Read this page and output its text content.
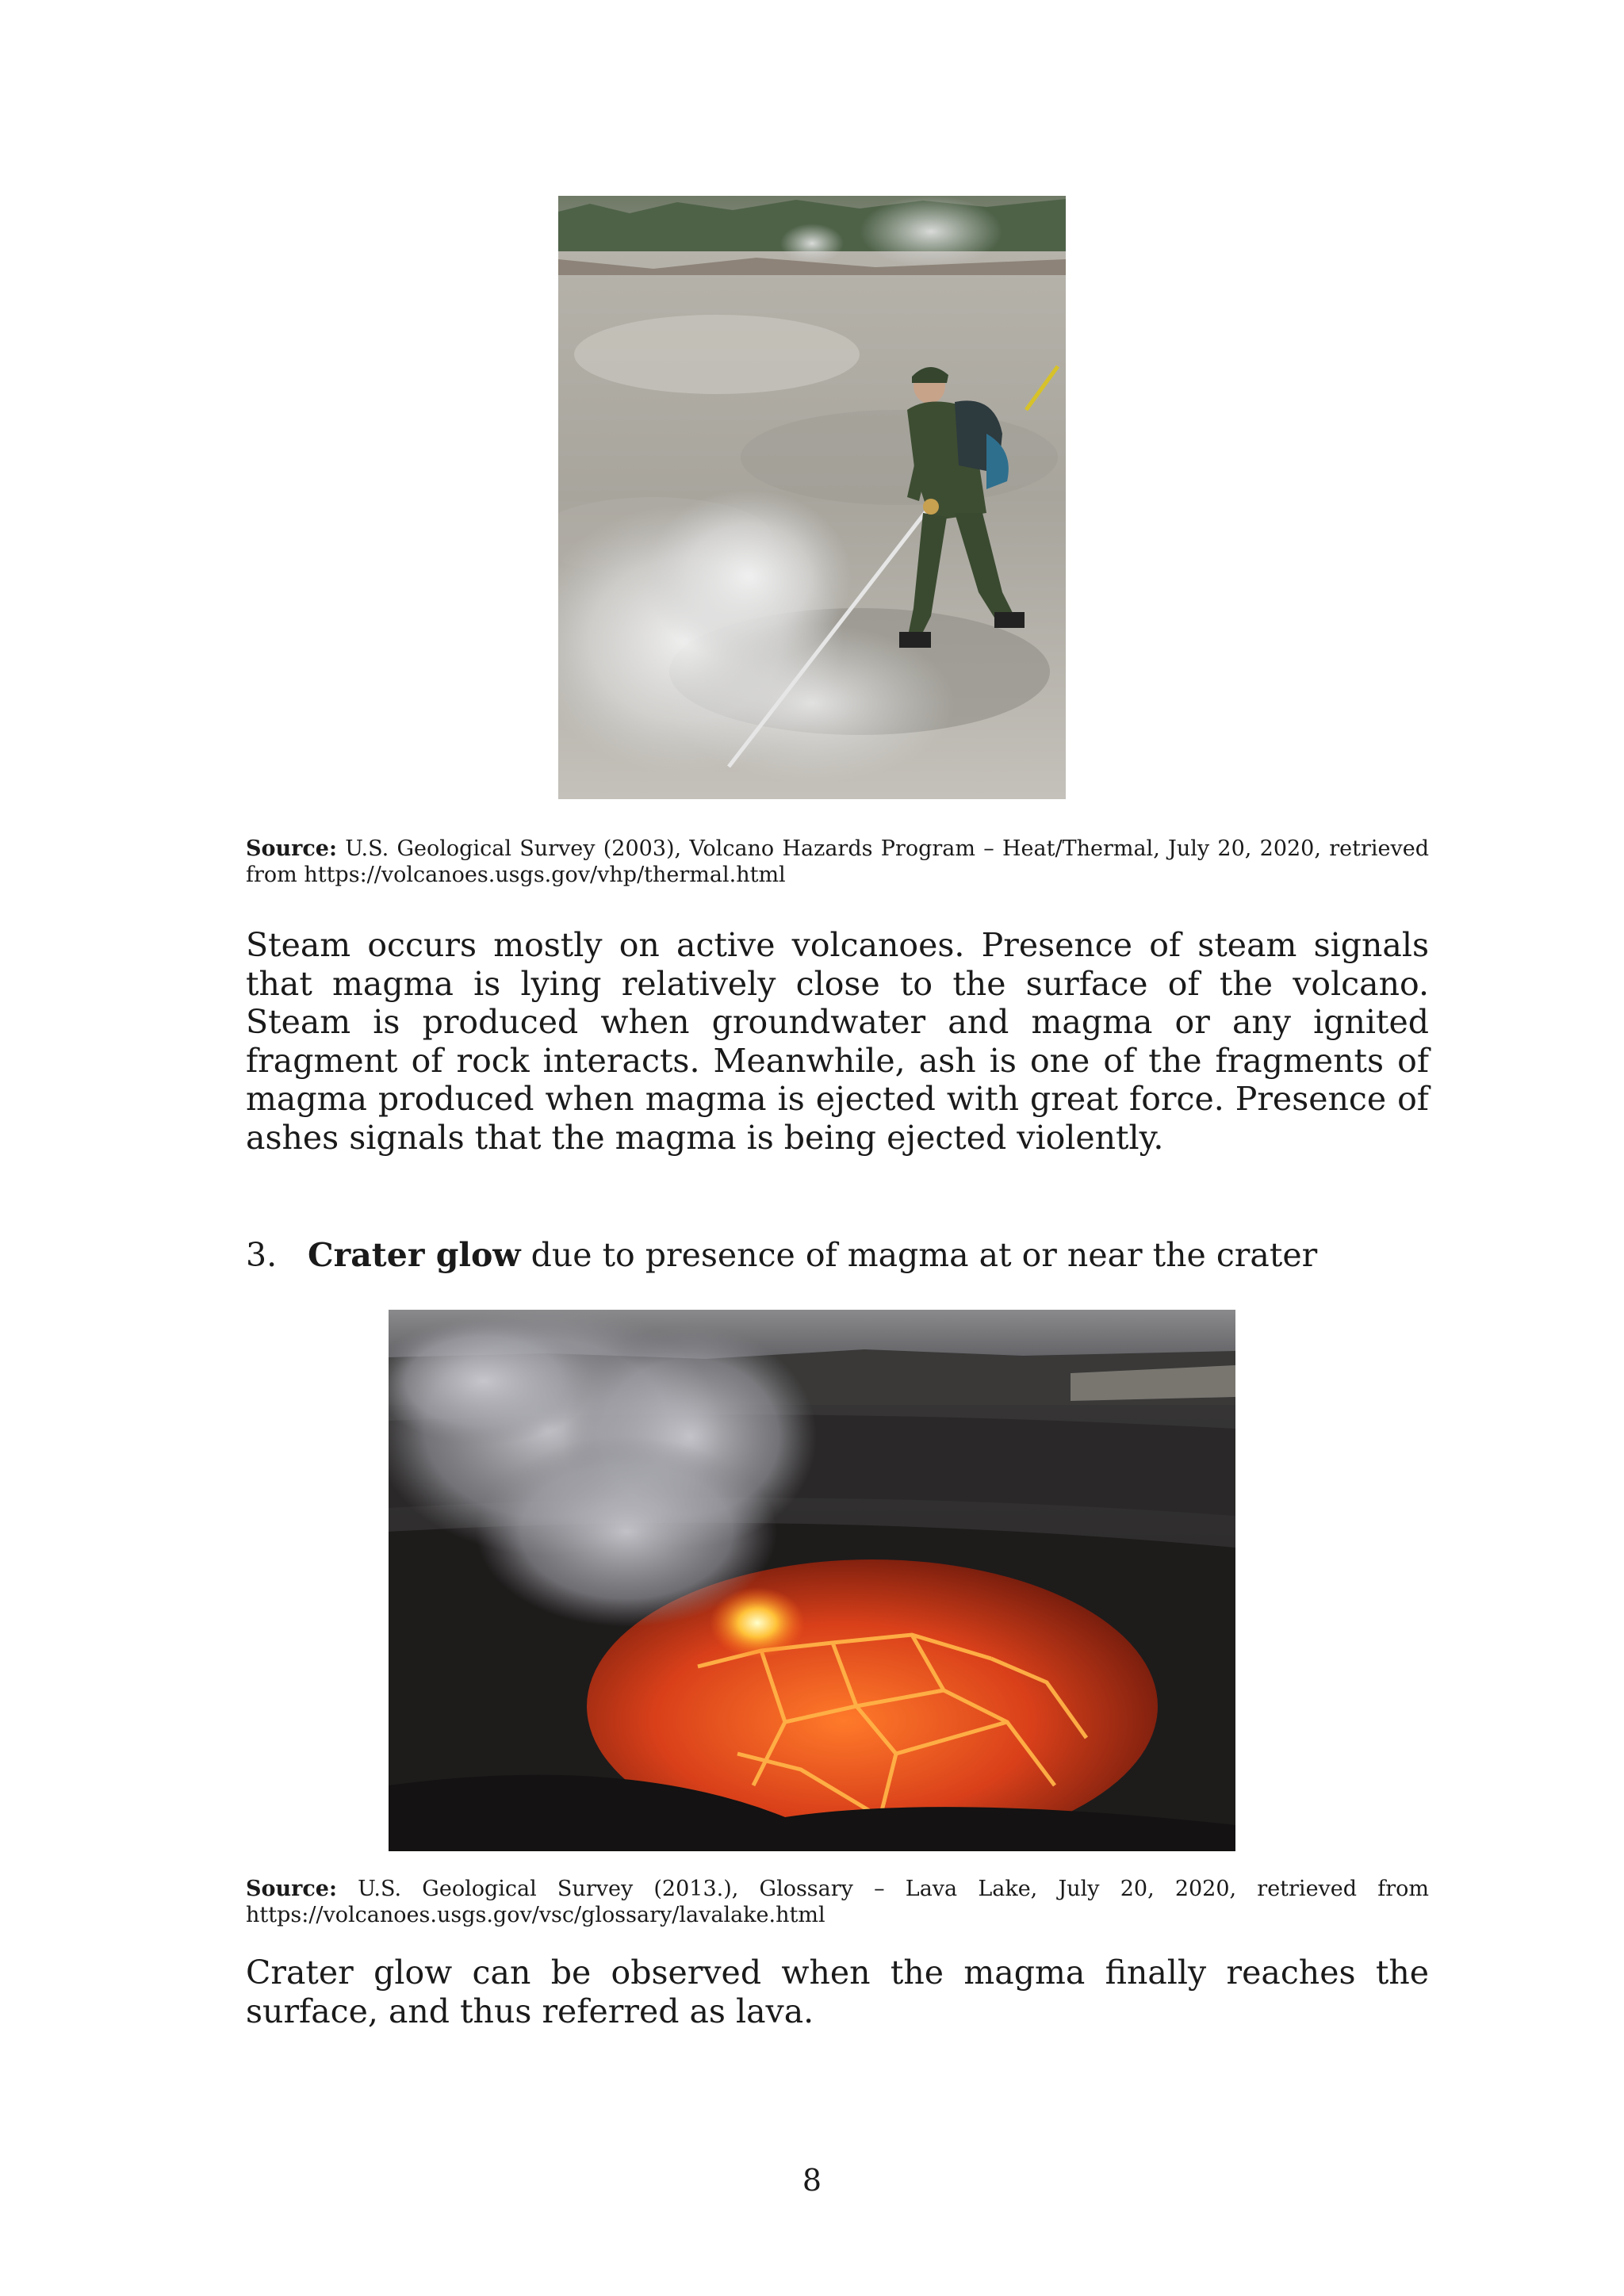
Source: U.S. Geological Survey (2003), Volcano Hazards Program – Heat/Thermal, July 20, 2020, retrieved from https://volcanoes.usgs.gov/vhp/thermal.html
Steam occurs mostly on active volcanoes. Presence of steam signals that magma is lying relatively close to the surface of the volcano. Steam is produced when groundwater and magma or any ignited fragment of rock interacts. Meanwhile, ash is one of the fragments of magma produced when magma is ejected with great force. Presence of ashes signals that the magma is being ejected violently.
3. Crater glow due to presence of magma at or near the crater
Source: U.S. Geological Survey (2013.), Glossary – Lava Lake, July 20, 2020, retrieved from https://volcanoes.usgs.gov/vsc/glossary/lavalake.html
Crater glow can be observed when the magma finally reaches the surface, and thus referred as lava.
8
